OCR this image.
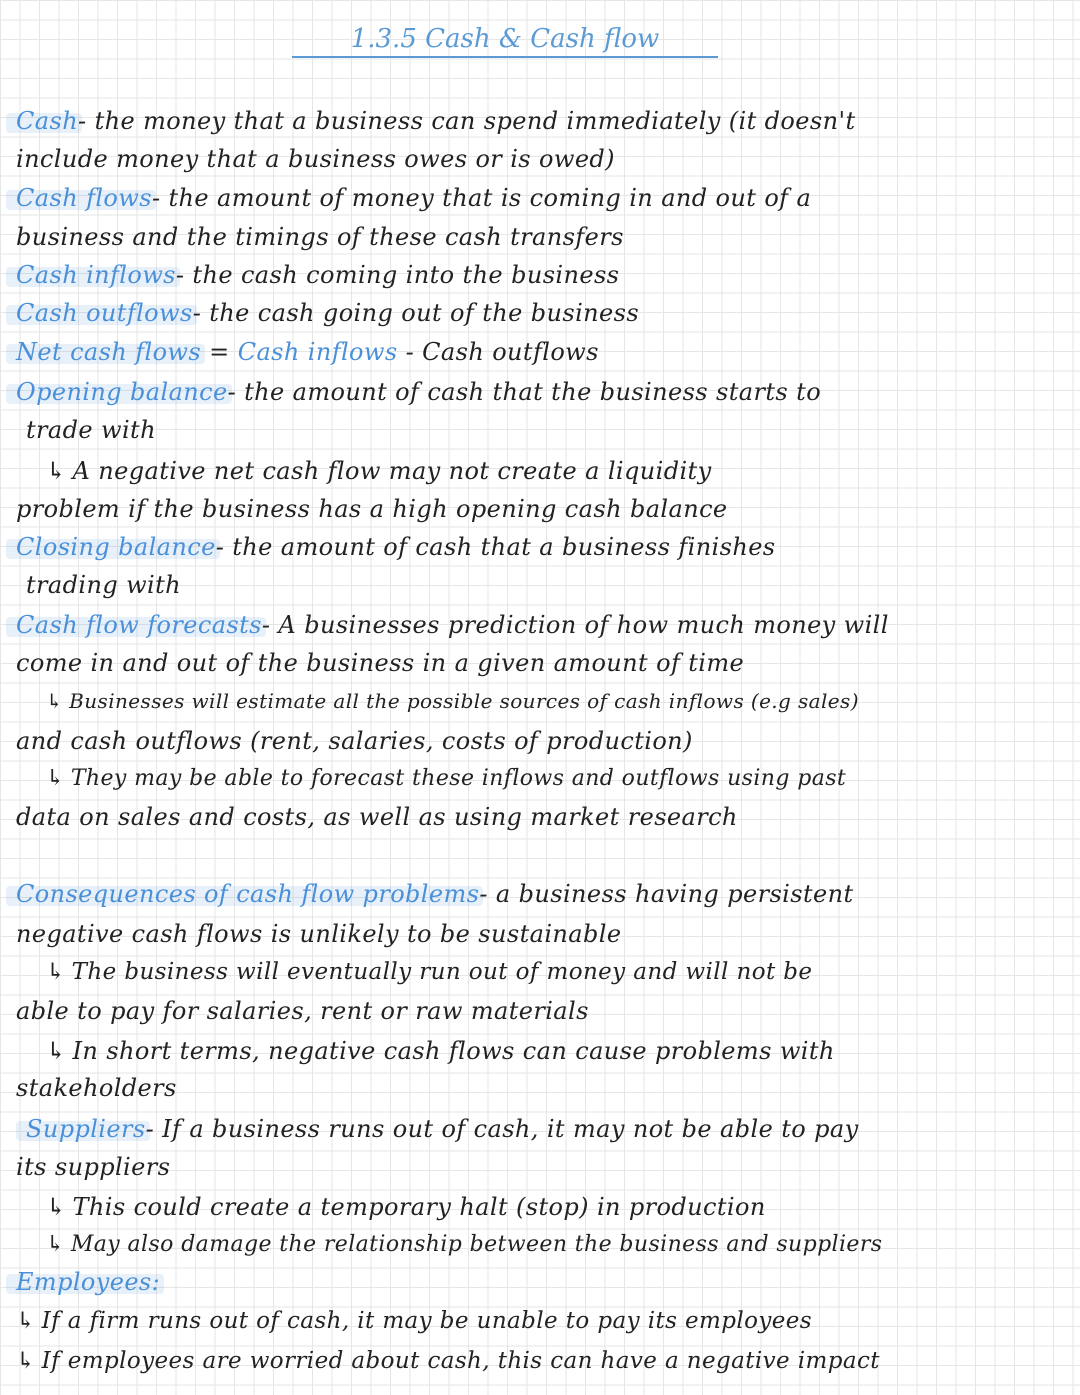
1.3.5 Cash & Cash flow
Cash- the money that a business can spend immediately (it doesn't
include money that a business owes or is owed)
Cash flows- the amount of money that is coming in and out of a
business and the timings of these cash transfers
Cash inflows- the cash coming into the business
Cash outflows- the cash going out of the business
Net cash flows = Cash inflows - Cash outflows
Opening balance- the amount of cash that the business starts to
trade with
↳ A negative net cash flow may not create a liquidity
problem if the business has a high opening cash balance
Closing balance- the amount of cash that a business finishes
trading with
Cash flow forecasts- A businesses prediction of how much money will
come in and out of the business in a given amount of time
↳ Businesses will estimate all the possible sources of cash inflows (e.g sales)
and cash outflows (rent, salaries, costs of production)
↳ They may be able to forecast these inflows and outflows using past
data on sales and costs, as well as using market research
Consequences of cash flow problems- a business having persistent
negative cash flows is unlikely to be sustainable
↳ The business will eventually run out of money and will not be
able to pay for salaries, rent or raw materials
↳ In short terms, negative cash flows can cause problems with
stakeholders
Suppliers- If a business runs out of cash, it may not be able to pay
its suppliers
↳ This could create a temporary halt (stop) in production
↳ May also damage the relationship between the business and suppliers
Employees:
↳ If a firm runs out of cash, it may be unable to pay its employees
↳ If employees are worried about cash, this can have a negative impact
